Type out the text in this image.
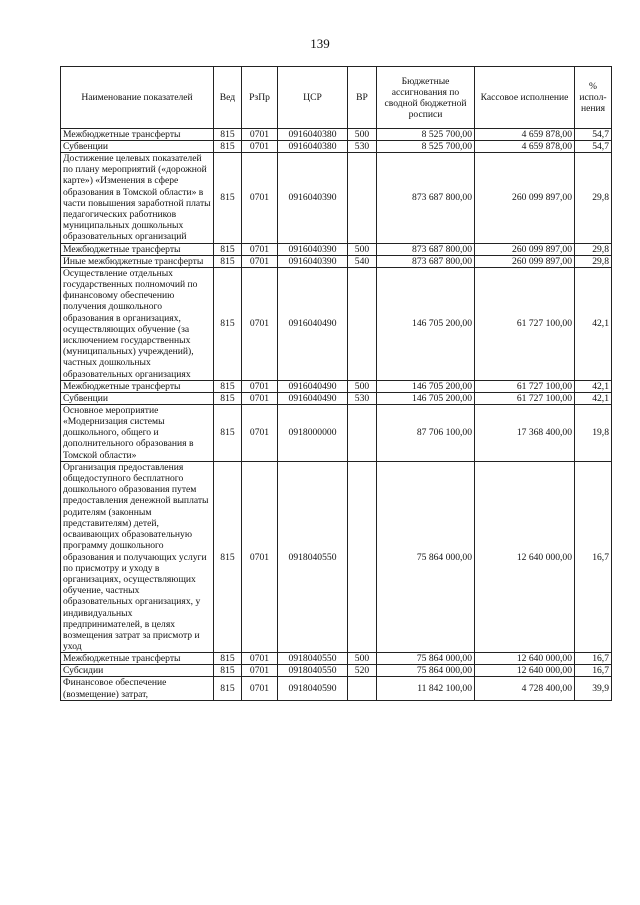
139
Наименование показателей	Вед	РзПр	ЦСР	ВР	Бюджетные ассигнования по сводной бюджетной росписи	Кассовое исполнение	% испол-нения
Межбюджетные трансферты	815	0701	0916040380	500	8 525 700,00	4 659 878,00	54,7
Субвенции	815	0701	0916040380	530	8 525 700,00	4 659 878,00	54,7
Достижение целевых показателей по плану мероприятий («дорожной карте») «Изменения в сфере образования в Томской области» в части повышения заработной платы педагогических работников муниципальных дошкольных образовательных организаций	815	0701	0916040390		873 687 800,00	260 099 897,00	29,8
Межбюджетные трансферты	815	0701	0916040390	500	873 687 800,00	260 099 897,00	29,8
Иные межбюджетные трансферты	815	0701	0916040390	540	873 687 800,00	260 099 897,00	29,8
Осуществление отдельных государственных полномочий по финансовому обеспечению получения дошкольного образования в организациях, осуществляющих обучение (за исключением государственных (муниципальных) учреждений), частных дошкольных образовательных организациях	815	0701	0916040490		146 705 200,00	61 727 100,00	42,1
Межбюджетные трансферты	815	0701	0916040490	500	146 705 200,00	61 727 100,00	42,1
Субвенции	815	0701	0916040490	530	146 705 200,00	61 727 100,00	42,1
Основное мероприятие «Модернизация системы дошкольного, общего и дополнительного образования в Томской области»	815	0701	0918000000		87 706 100,00	17 368 400,00	19,8
Организация предоставления общедоступного бесплатного дошкольного образования путем предоставления денежной выплаты родителям (законным представителям) детей, осваивающих образовательную программу дошкольного образования и получающих услуги по присмотру и уходу в организациях, осуществляющих обучение, частных образовательных организациях, у индивидуальных предпринимателей, в целях возмещения затрат за присмотр и уход	815	0701	0918040550		75 864 000,00	12 640 000,00	16,7
Межбюджетные трансферты	815	0701	0918040550	500	75 864 000,00	12 640 000,00	16,7
Субсидии	815	0701	0918040550	520	75 864 000,00	12 640 000,00	16,7
Финансовое обеспечение (возмещение) затрат,	815	0701	0918040590		11 842 100,00	4 728 400,00	39,9
